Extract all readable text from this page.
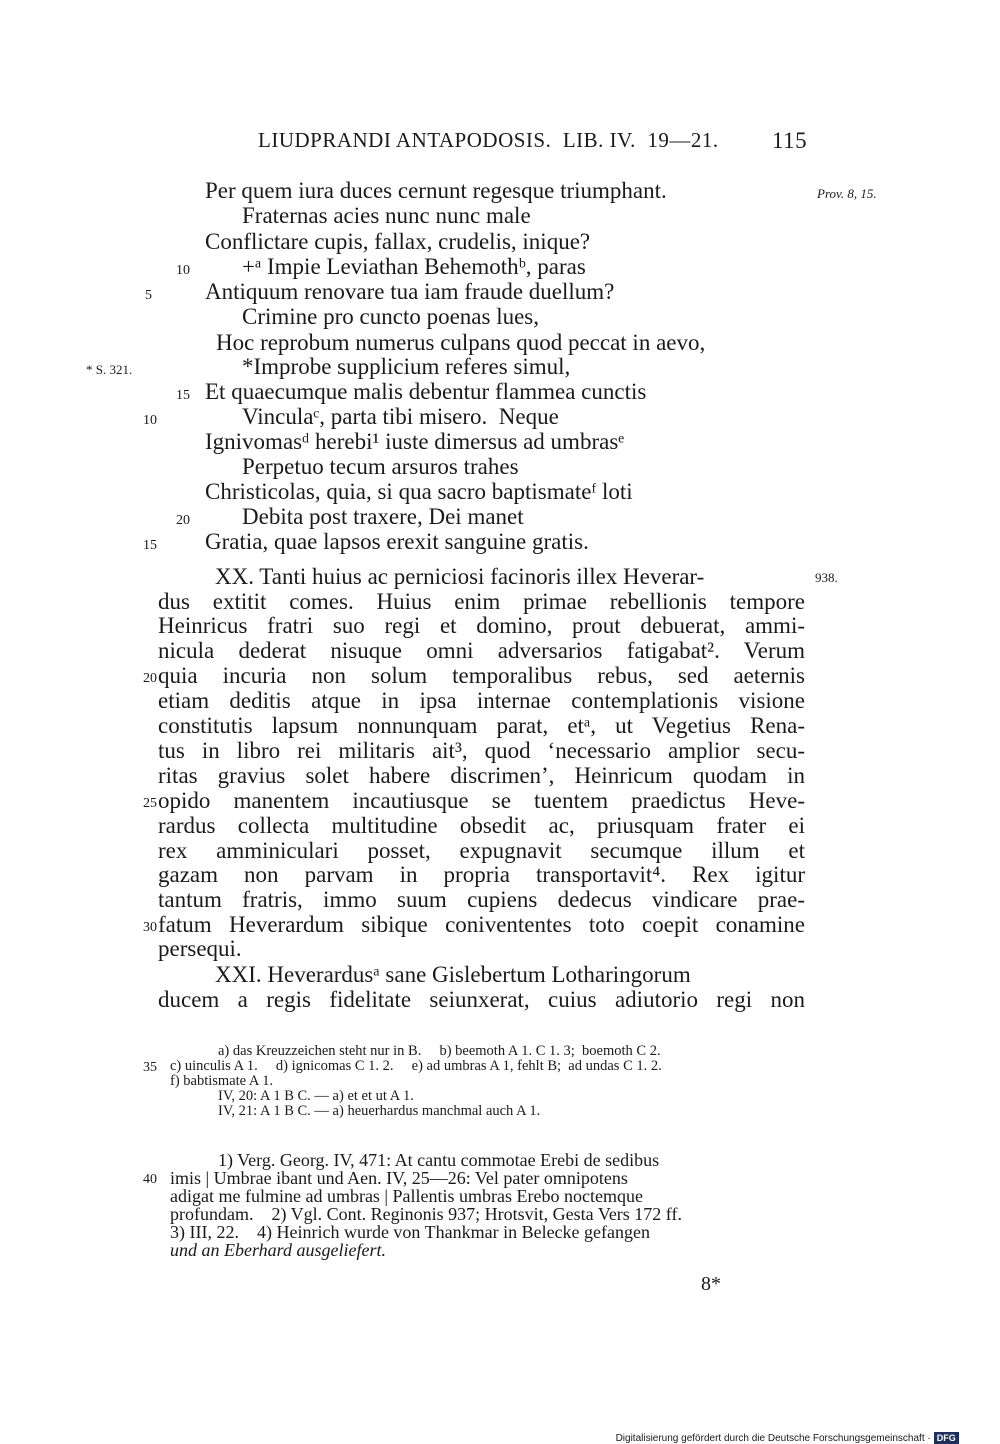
LIUDPRANDI ANTAPODOSIS.  LIB. IV.  19—21. 115
Prov. 8, 15.
* S. 321.
938.
Per quem iura duces cernunt regesque triumphant.
Fraternas acies nunc nunc male
Conflictare cupis, fallax, crudelis, inique?
+ᵃ Impie Leviathan Behemothᵇ, paras
Antiquum renovare tua iam fraude duellum?
Crimine pro cuncto poenas lues,
Hoc reprobum numerus culpans quod peccat in aevo,
*Improbe supplicium referes simul,
Et quaecumque malis debentur flammea cunctis
Vinculaᶜ, parta tibi misero.  Neque
Ignivomasᵈ herebi¹ iuste dimersus ad umbrasᵉ
Perpetuo tecum arsuros trahes
Christicolas, quia, si qua sacro baptismateᶠ loti
Debita post traxere, Dei manet
Gratia, quae lapsos erexit sanguine gratis.
10
15
20
5
10
15
XX. Tanti huius ac perniciosi facinoris illex Heverar-
dus extitit comes. Huius enim primae rebellionis tempore
Heinricus fratri suo regi et domino, prout debuerat, ammi-
nicula dederat nisuque omni adversarios fatigabat². Verum
quia incuria non solum temporalibus rebus, sed aeternis
etiam deditis atque in ipsa internae contemplationis visione
constitutis lapsum nonnunquam parat, etᵃ, ut Vegetius Rena-
tus in libro rei militaris ait³, quod ‘necessario amplior secu-
ritas gravius solet habere discrimen’, Heinricum quodam in
opido manentem incautiusque se tuentem praedictus Heve-
rardus collecta multitudine obsedit ac, priusquam frater ei
rex amminiculari posset, expugnavit secumque illum et
gazam non parvam in propria transportavit⁴. Rex igitur
tantum fratris, immo suum cupiens dedecus vindicare prae-
fatum Heverardum sibique conivententes toto coepit conamine
persequi.
20
25
30
XXI. Heverardusᵃ sane Gislebertum Lotharingorum
ducem a regis fidelitate seiunxerat, cuius adiutorio regi non
a) das Kreuzzeichen steht nur in B.     b) beemoth A 1. C 1. 3;  boemoth C 2.
c) uinculis A 1.     d) ignicomas C 1. 2.     e) ad umbras A 1, fehlt B;  ad undas C 1. 2.
f) babtismate A 1.
IV, 20: A 1 B C. — a) et et ut A 1.
IV, 21: A 1 B C. — a) heuerhardus manchmal auch A 1.
35
1) Verg. Georg. IV, 471: At cantu commotae Erebi de sedibus
imis | Umbrae ibant und Aen. IV, 25—26: Vel pater omnipotens
adigat me fulmine ad umbras | Pallentis umbras Erebo noctemque
profundam.    2) Vgl. Cont. Reginonis 937; Hrotsvit, Gesta Vers 172 ff.
3) III, 22.    4) Heinrich wurde von Thankmar in Belecke gefangen
und an Eberhard ausgeliefert.
40
8*

Digitalisierung gefördert durch die Deutsche Forschungsgemeinschaft · DFG
